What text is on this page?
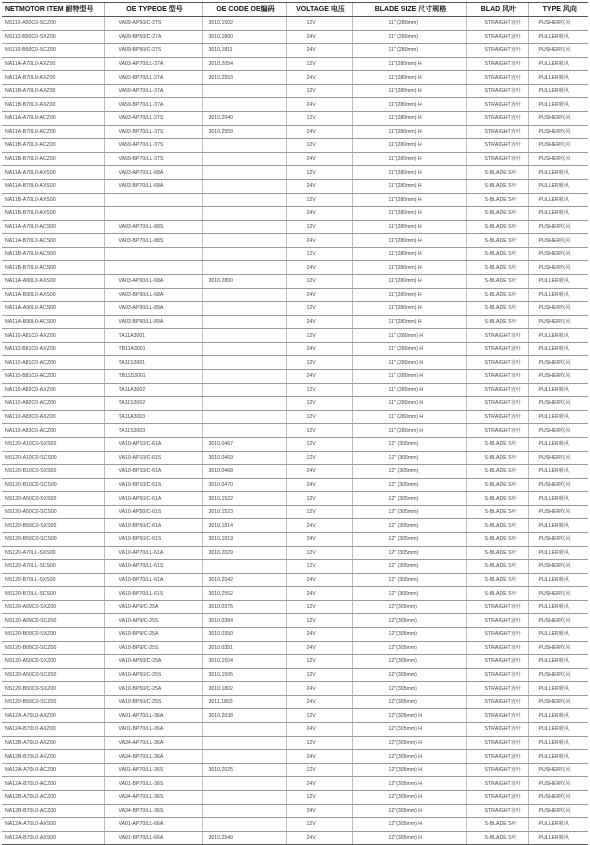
NETMOTOR ITEM 耐特型号	OE TYPEOE 型号	OE CODE OE编码	VOLTAGE 电压	BLADE SIZE 尺寸规格	BLAD 风叶	TYPE 风向
NS110-A50C0-SCZ00	VA09-AP50/C-27S	3010.1502	12V	11" (280mm)	STRAIGHT直叶	PUSHER吹风
NS110-B50C0-SXZ00	VA09-BP50/C-27A	3010.1800	24V	11" (280mm)	STRAIGHT直叶	PULLER吸风
NS110-B50C0-SCZ00	VA09-BP50/C-27S	3010.1811	24V	11" (280mm)	STRAIGHT直叶	PUSHER吹风
NA11A-A70L0-AXZ00	VA03-AP70/LL-37A	3010.2054	12V	11"(280mm) H	STRAIGHT直叶	PULLER吸风
NA11A-B70L0-AXZ00	VA03-BP70/LL-37A	3010.2553	24V	11"(280mm) H	STRAIGHT直叶	PULLER吸风
NA11B-A70L0-AXZ00	VA59-AP70/LL-37A		12V	11"(280mm) H	STRAIGHT直叶	PULLER吸风
NA11B-B70L0-AXZ00	VA59-BP70/LL-37A		24V	11"(280mm) H	STRAIGHT直叶	PULLER吸风
NA11A-A70L0-ACZ00	VA03-AP70/LL-37S	3010.2040	12V	11"(280mm) H	STRAIGHT直叶	PUSHER吹风
NA11A-B70L0-ACZ00	VA03-BP70/LL-37S	3010.2559	24V	11"(280mm) H	STRAIGHT直叶	PUSHER吹风
NA11B-A70L0-ACZ00	VA59-AP70/LL-37S		12V	11"(280mm) H	STRAIGHT直叶	PUSHER吹风
NA11B-B70L0-ACZ00	VA59-BP70/LL-37S		24V	11"(280mm) H	STRAIGHT直叶	PUSHER吹风
NA11A-A70L0-AXS00	VA03-AP70/LL-68A		12V	11"(280mm) H	S-BLADE S叶	PULLER吸风
NA11A-B70L0-AXS00	VA03-BP70/LL-68A		24V	11"(280mm) H	S-BLADE S叶	PULLER吸风
NA11B-A70L0-AXS00			12V	11"(280mm) H	S-BLADE S叶	PULLER吸风
NA11B-B70L0-AXS00			24V	11"(280mm) H	S-BLADE S叶	PULLER吸风
NA11A-A70L0-ACS00	VA03-AP70/LL-88S		12V	11"(280mm) H	S-BLADE S叶	PUSHER吹风
NA11A-B70L0-ACS00	VA03-BP70/LL-88S		24V	11"(280mm) H	S-BLADE S叶	PUSHER吹风
NA11B-A70L0-ACS00			12V	11"(280mm) H	S-BLADE S叶	PUSHER吹风
NA11B-B70L0-ACS00			24V	11"(280mm) H	S-BLADE S叶	PUSHER吹风
NA11A-A90L0-AXS00	VA03-AP90/LL-68A	3010.2800	12V	11"(280mm) H	S-BLADE S叶	PULLER吸风
NA11A-B90L0-AXS00	VA03-BP90/LL-68A		24V	11"(280mm) H	S-BLADE S叶	PULLER吸风
NA11A-A90L0-ACS00	VA03-AP90/LL-89A		12V	11"(280mm) H	S-BLADE S叶	PUSHER吹风
NA11A-B90L0-ACS00	VA03-BP90/LL-89A		24V	11"(280mm) H	S-BLADE S叶	PUSHER吹风
NA110-A81C0-AXZ00	TA11A3001		12V	11" (280mm) H	STRAIGHT直叶	PULLER吸风
NA110-B81C0-AXZ00	TB11A3001		24V	11" (280mm) H	STRAIGHT直叶	PULLER吸风
NA110-A81C0-ACZ00	TA11S3001		12V	11" (280mm) H	STRAIGHT直叶	PUSHER吹风
NA110-B81C0-ACZ00	TB11S3001		24V	11" (280mm) H	STRAIGHT直叶	PUSHER吹风
NA110-A82C0-AXZ00	TA11A3002		12V	11" (280mm) H	STRAIGHT直叶	PULLER吸风
NA110-A82C0-ACZ00	TA11S3002		12V	11" (280mm) H	STRAIGHT直叶	PUSHER吹风
NA110-A83C0-AXZ00	TA11A3003		12V	11" (280mm) H	STRAIGHT直叶	PULLER吸风
NA110-A83C0-ACZ00	TA11S3003		12V	11" (280mm) H	STRAIGHT直叶	PUSHER吹风
NS120-A10C0-SXS00	VA10-AP10/C-61A	3010.0467	12V	12" (305mm)	S-BLADE S叶	PULLER吸风
NS120-A10C0-SCS00	VA10-AP10/C-61S	3010.0469	12V	12" (305mm)	S-BLADE S叶	PUSHER吹风
NS120-B10C0-SXS00	VA10-BP10/C-61A	3010.0468	24V	12" (305mm)	S-BLADE S叶	PULLER吸风
NS120-B10C0-SCS00	VA10-BP10/C-61S	3010.0470	24V	12" (305mm)	S-BLADE S叶	PUSHER吹风
NS120-A50C0-SXS00	VA10-AP50/C-61A	3010.1522	12V	12" (305mm)	S-BLADE S叶	PULLER吸风
NS120-A50C0-SCS00	VA10-AP50/C-61S	3010.1523	12V	12" (305mm)	S-BLADE S叶	PUSHER吹风
NS120-B50C0-SXS00	VA10-BP50/C-61A	3010.1814	24V	12" (305mm)	S-BLADE S叶	PULLER吸风
NS120-B50C0-SCS00	VA10-BP50/C-61S	3010.1819	24V	12" (305mm)	S-BLADE S叶	PUSHER吹风
NS120-A70LL-SXS00	VA10-AP70/LL-61A	3010.2029	12V	12" (305mm)	S-BLADE S叶	PULLER吸风
NS120-A70LL-SCS00	VA10-AP70/LL-61S		12V	12" (305mm)	S-BLADE S叶	PUSHER吹风
NS120-B70LL-SXS00	VA10-BP70/LL-61A	3010.2542	24V	12" (305mm)	S-BLADE S叶	PULLER吸风
NS120-B70LL-SCS00	VA10-BP70/LL-61S	3010.2552	24V	12" (305mm)	S-BLADE S叶	PUSHER吹风
NS120-A09C0-SXZ00	VA10-AP9/C-25A	3010.0375	12V	12"(305mm)	STRAIGHT直叶	PULLER吸风
NS120-A09C0-SCZ00	VA10-AP9/C-25S	3010.0384	12V	12"(305mm)	STRAIGHT直叶	PUSHER吹风
NS120-B09C0-SXZ00	VA10-BP9/C-25A	3010.0350	24V	12"(305mm)	STRAIGHT直叶	PULLER吸风
NS120-B09C0-SCZ00	VA10-BP9/C-25S	3010.0351	24V	12"(305mm)	STRAIGHT直叶	PUSHER吹风
NS120-A50C0-SXZ00	VA10-AP50/C-25A	3010.1504	12V	12"(305mm)	STRAIGHT直叶	PULLER吸风
NS120-A50C0-SCZ00	VA10-AP50/C-25S	3010.1505	12V	12"(305mm)	STRAIGHT直叶	PUSHER吹风
NS120-B50C0-SXZ00	VA10-BP50/C-25A	3010.1802	24V	12"(305mm)	STRAIGHT直叶	PULLER吸风
NS120-B50C0-SCZ00	VA10-BP50/C-25S	3011.1803	24V	12"(305mm)	STRAIGHT直叶	PUSHER吹风
NA12A-A70L0-AXZ00	VA01-AP70/LL-36A	3010.2038	12V	12"(305mm) H	STRAIGHT直叶	PULLER吸风
NA12A-B70L0-AXZ00	VA01-BP70/LL-36A		24V	12"(305mm) H	STRAIGHT直叶	PULLER吸风
NA12B-A70L0-AXZ00	VA34-AP70/LL-36A		12V	12"(305mm) H	STRAIGHT直叶	PULLER吸风
NA12B-B70L0-AXZ00	VA34-BP70/LL-36A		24V	12"(305mm) H	STRAIGHT直叶	PULLER吸风
NA12A-A70L0-ACZ00	VA01-AP70/LL-36S	3010.2025	12V	12"(305mm) H	STRAIGHT直叶	PUSHER吹风
NA12A-B70L0-ACZ00	VA01-BP70/LL-36S		24V	12"(305mm) H	STRAIGHT直叶	PUSHER吹风
NA12B-A70L0-ACZ00	VA34-AP70/LL-36S		12V	12"(305mm) H	STRAIGHT直叶	PUSHER吹风
NA12B-B70L0-ACZ00	VA34-BP70/LL-36S		24V	12"(305mm) H	STRAIGHT直叶	PUSHER吹风
NA12A-A70L0-AXS00	VA01-AP70/LL-66A		12V	12"(305mm) H	S-BLADE S叶	PULLER吸风
NA12A-B70L0-AXS00	VA01-BP70/LL-66A	3010.2549	24V	12"(305mm) H	S-BLADE S叶	PULLER吸风
